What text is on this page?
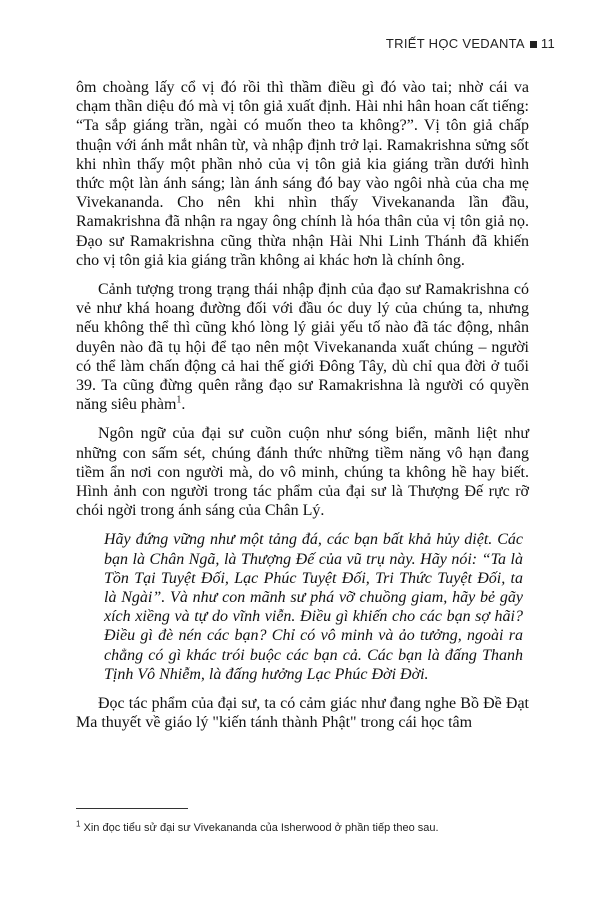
TRIẾT HỌC VEDANTA 11

ôm choàng lấy cổ vị đó rồi thì thầm điều gì đó vào tai; nhờ cái va chạm thần diệu đó mà vị tôn giả xuất định. Hài nhi hân hoan cất tiếng: “Ta sắp giáng trần, ngài có muốn theo ta không?”. Vị tôn giả chấp thuận với ánh mắt nhân từ, và nhập định trở lại. Ramakrishna sửng sốt khi nhìn thấy một phần nhỏ của vị tôn giả kia giáng trần dưới hình thức một làn ánh sáng; làn ánh sáng đó bay vào ngôi nhà của cha mẹ Vivekananda. Cho nên khi nhìn thấy Vivekananda lần đầu, Ramakrishna đã nhận ra ngay ông chính là hóa thân của vị tôn giả nọ. Đạo sư Ramakrishna cũng thừa nhận Hài Nhi Linh Thánh đã khiến cho vị tôn giả kia giáng trần không ai khác hơn là chính ông.

Cảnh tượng trong trạng thái nhập định của đạo sư Ramakrishna có vẻ như khá hoang đường đối với đầu óc duy lý của chúng ta, nhưng nếu không thể thì cũng khó lòng lý giải yếu tố nào đã tác động, nhân duyên nào đã tụ hội để tạo nên một Vivekananda xuất chúng – người có thể làm chấn động cả hai thế giới Đông Tây, dù chỉ qua đời ở tuổi 39. Ta cũng đừng quên rằng đạo sư Ramakrishna là người có quyền năng siêu phàm$^1$.

Ngôn ngữ của đại sư cuồn cuộn như sóng biển, mãnh liệt như những con sấm sét, chúng đánh thức những tiềm năng vô hạn đang tiềm ẩn nơi con người mà, do vô minh, chúng ta không hề hay biết. Hình ảnh con người trong tác phẩm của đại sư là Thượng Đế rực rỡ chói ngời trong ánh sáng của Chân Lý.

Hãy đứng vững như một tảng đá, các bạn bất khả hủy diệt. Các bạn là Chân Ngã, là Thượng Đế của vũ trụ này. Hãy nói: “Ta là Tồn Tại Tuyệt Đối, Lạc Phúc Tuyệt Đối, Tri Thức Tuyệt Đối, ta là Ngài”. Và như con mãnh sư phá vỡ chuồng giam, hãy bẻ gãy xích xiềng và tự do vĩnh viễn. Điều gì khiến cho các bạn sợ hãi? Điều gì đè nén các bạn? Chỉ có vô minh và ảo tưởng, ngoài ra chẳng có gì khác trói buộc các bạn cả. Các bạn là đấng Thanh Tịnh Vô Nhiễm, là đấng hưởng Lạc Phúc Đời Đời.

Đọc tác phẩm của đại sư, ta có cảm giác như đang nghe Bồ Đề Đạt Ma thuyết về giáo lý "kiến tánh thành Phật" trong cái học tâm

$^1$ Xin đọc tiểu sử đại sư Vivekananda của Isherwood ở phần tiếp theo sau.
